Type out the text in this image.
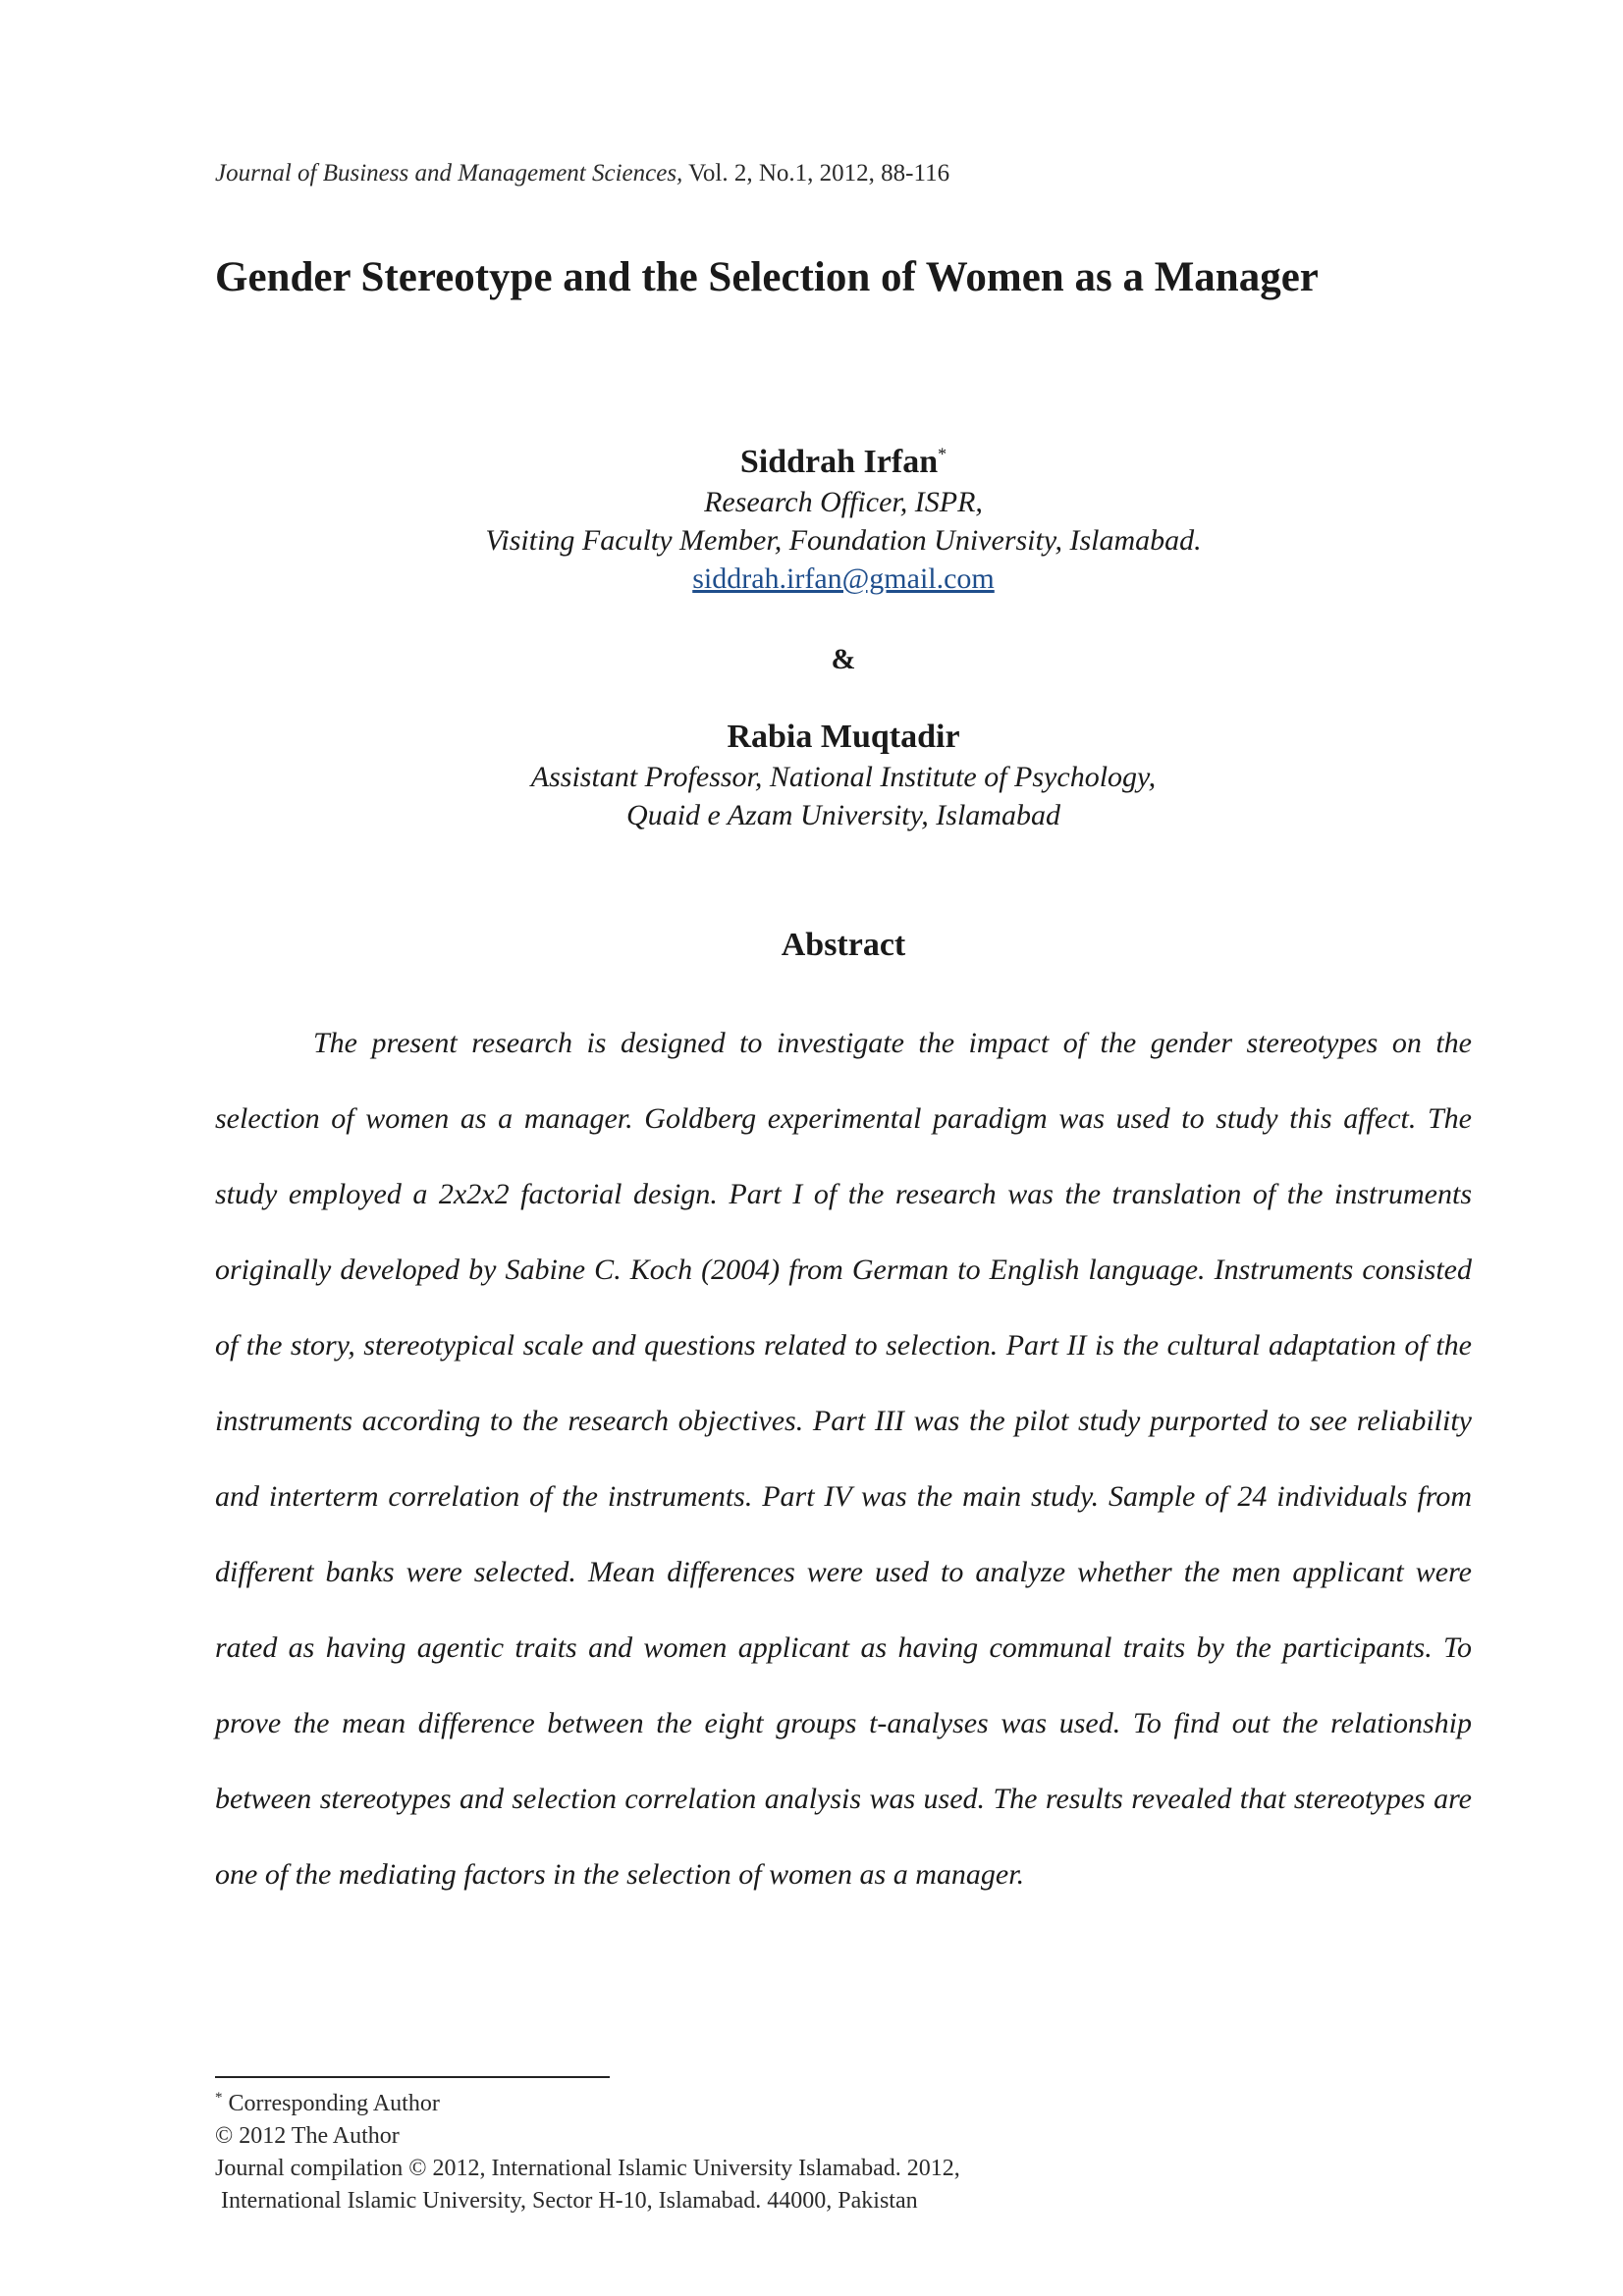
Journal of Business and Management Sciences, Vol. 2, No.1, 2012, 88-116
Gender Stereotype and the Selection of Women as a Manager
Siddrah Irfan*
Research Officer, ISPR,
Visiting Faculty Member, Foundation University, Islamabad.
siddrah.irfan@gmail.com
&
Rabia Muqtadir
Assistant Professor, National Institute of Psychology,
Quaid e Azam University, Islamabad
Abstract

The present research is designed to investigate the impact of the gender stereotypes on the selection of women as a manager. Goldberg experimental paradigm was used to study this affect. The study employed a 2x2x2 factorial design. Part I of the research was the translation of the instruments originally developed by Sabine C. Koch (2004) from German to English language. Instruments consisted of the story, stereotypical scale and questions related to selection. Part II is the cultural adaptation of the instruments according to the research objectives. Part III was the pilot study purported to see reliability and interterm correlation of the instruments. Part IV was the main study. Sample of 24 individuals from different banks were selected. Mean differences were used to analyze whether the men applicant were rated as having agentic traits and women applicant as having communal traits by the participants. To prove the mean difference between the eight groups t-analyses was used. To find out the relationship between stereotypes and selection correlation analysis was used. The results revealed that stereotypes are one of the mediating factors in the selection of women as a manager.

* Corresponding Author
© 2012 The Author
Journal compilation © 2012, International Islamic University Islamabad. 2012,
International Islamic University, Sector H-10, Islamabad. 44000, Pakistan
